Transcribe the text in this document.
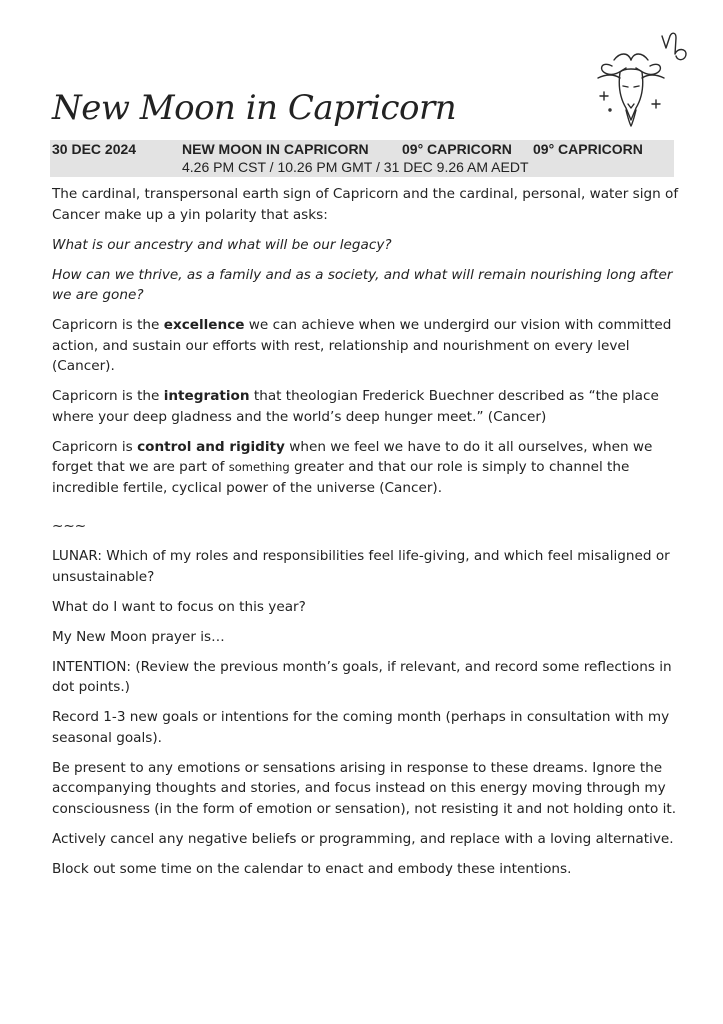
New Moon in Capricorn
30 DEC 2024	NEW MOON IN CAPRICORN 09° CAPRICORN 09° CAPRICORN
4.26 PM CST / 10.26 PM GMT / 31 DEC 9.26 AM AEDT

The cardinal, transpersonal earth sign of Capricorn and the cardinal, personal, water sign of Cancer make up a yin polarity that asks:

What is our ancestry and what will be our legacy?

How can we thrive, as a family and as a society, and what will remain nourishing long after we are gone?

Capricorn is the excellence we can achieve when we undergird our vision with committed action, and sustain our efforts with rest, relationship and nourishment on every level (Cancer).

Capricorn is the integration that theologian Frederick Buechner described as “the place where your deep gladness and the world’s deep hunger meet.” (Cancer)

Capricorn is control and rigidity when we feel we have to do it all ourselves, when we forget that we are part of something greater and that our role is simply to channel the incredible fertile, cyclical power of the universe (Cancer).

~~~

LUNAR: Which of my roles and responsibilities feel life-giving, and which feel misaligned or unsustainable?

What do I want to focus on this year?

My New Moon prayer is…

INTENTION: (Review the previous month’s goals, if relevant, and record some reflections in dot points.)

Record 1-3 new goals or intentions for the coming month (perhaps in consultation with my seasonal goals).

Be present to any emotions or sensations arising in response to these dreams. Ignore the accompanying thoughts and stories, and focus instead on this energy moving through my consciousness (in the form of emotion or sensation), not resisting it and not holding onto it.

Actively cancel any negative beliefs or programming, and replace with a loving alternative.

Block out some time on the calendar to enact and embody these intentions.
